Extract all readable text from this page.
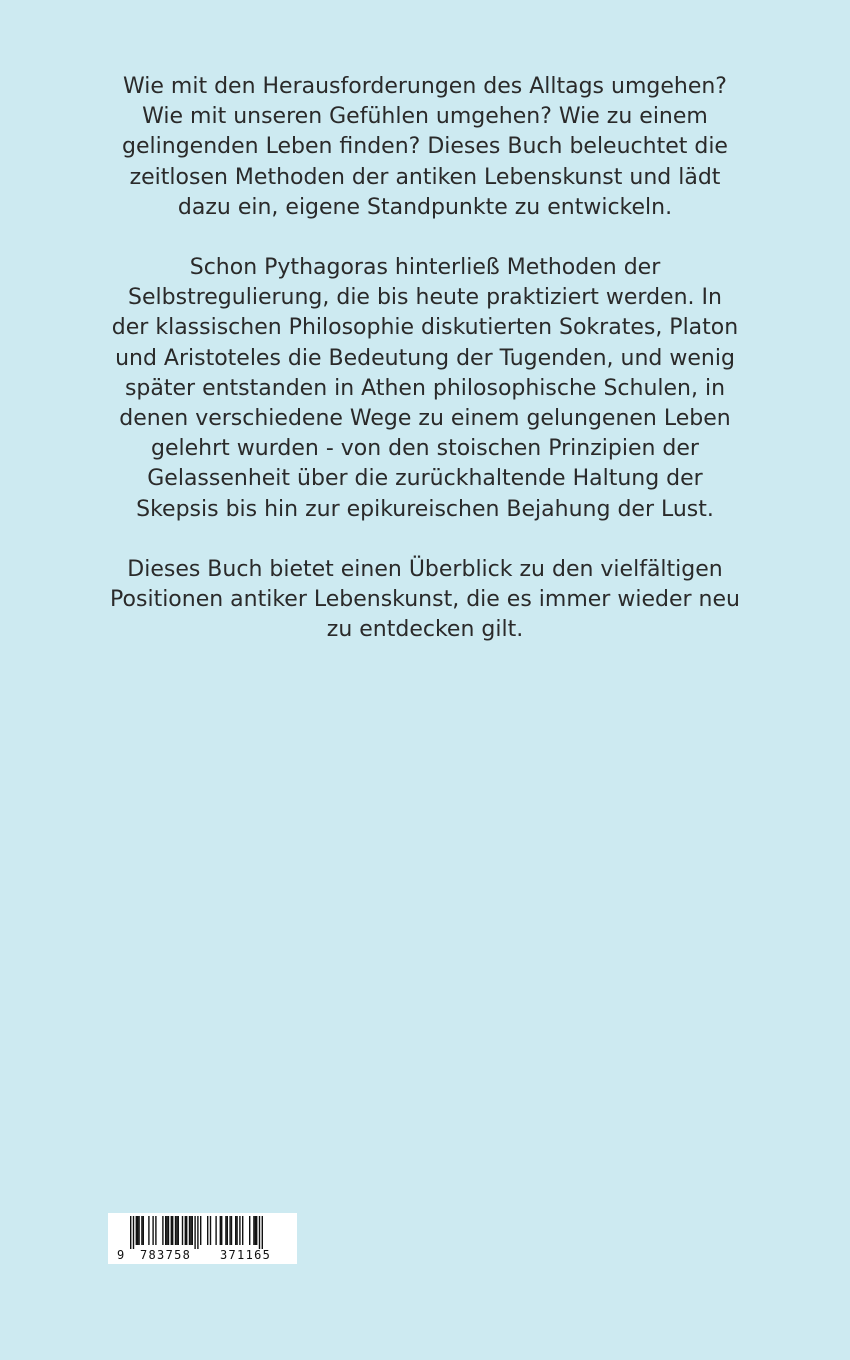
Wie mit den Herausforderungen des Alltags umgehen? Wie mit unseren Gefühlen umgehen? Wie zu einem gelingenden Leben finden? Dieses Buch beleuchtet die zeitlosen Methoden der antiken Lebenskunst und lädt dazu ein, eigene Standpunkte zu entwickeln.

Schon Pythagoras hinterließ Methoden der Selbstregulierung, die bis heute praktiziert werden. In der klassischen Philosophie diskutierten Sokrates, Platon und Aristoteles die Bedeutung der Tugenden, und wenig später entstanden in Athen philosophische Schulen, in denen verschiedene Wege zu einem gelungenen Leben gelehrt wurden - von den stoischen Prinzipien der Gelassenheit über die zurückhaltende Haltung der Skepsis bis hin zur epikureischen Bejahung der Lust.

Dieses Buch bietet einen Überblick zu den vielfältigen Positionen antiker Lebenskunst, die es immer wieder neu zu entdecken gilt.

9 783758 371165
